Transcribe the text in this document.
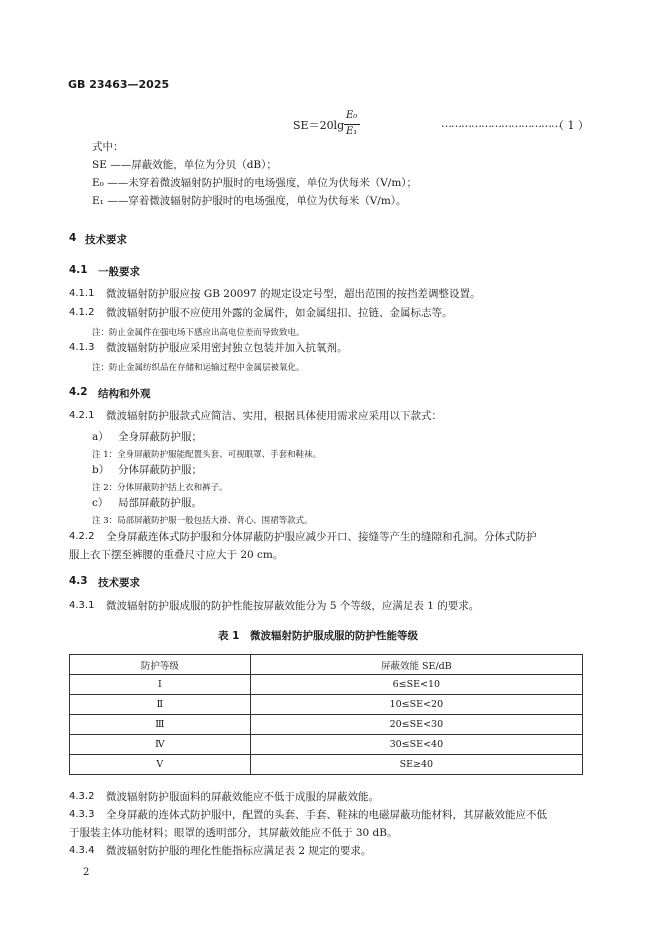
GB 23463—2025
SE＝20lg
E₀
E₁
………………………………
（ 1 ）
式中：
SE ——屏蔽效能，单位为分贝（dB）；
E₀ ——未穿着微波辐射防护服时的电场强度，单位为伏每米（V/m）；
E₁ ——穿着微波辐射防护服时的电场强度，单位为伏每米（V/m）。
4 技术要求
4.1 一般要求
4.1.1 微波辐射防护服应按 GB 20097 的规定设定号型，超出范围的按挡差调整设置。
4.1.2 微波辐射防护服不应使用外露的金属件，如金属纽扣、拉链、金属标志等。
注：防止金属件在强电场下感应出高电位差而导致致电。
4.1.3 微波辐射防护服应采用密封独立包装并加入抗氧剂。
注：防止金属纺织品在存储和运输过程中金属层被氧化。
4.2 结构和外观
4.2.1 微波辐射防护服款式应简洁、实用，根据具体使用需求应采用以下款式：
a） 全身屏蔽防护服；
注 1：全身屏蔽防护服能配置头套、可视眼罩、手套和鞋袜。
b） 分体屏蔽防护服；
注 2：分体屏蔽防护括上衣和裤子。
c） 局部屏蔽防护服。
注 3：局部屏蔽防护服一般包括大褂、背心、围裙等款式。
4.2.2 全身屏蔽连体式防护服和分体屏蔽防护服应减少开口、接缝等产生的缝隙和孔洞。分体式防护
服上衣下摆至裤腰的重叠尺寸应大于 20 cm。
4.3 技术要求
4.3.1 微波辐射防护服成服的防护性能按屏蔽效能分为 5 个等级，应满足表 1 的要求。
表 1　微波辐射防护服成服的防护性能等级
防护等级	屏蔽效能 SE/dB
Ⅰ	6≤SE<10
Ⅱ	10≤SE<20
Ⅲ	20≤SE<30
Ⅳ	30≤SE<40
Ⅴ	SE≥40
4.3.2 微波辐射防护服面料的屏蔽效能应不低于成服的屏蔽效能。
4.3.3 全身屏蔽的连体式防护服中，配置的头套、手套、鞋袜的电磁屏蔽功能材料，其屏蔽效能应不低
于服装主体功能材料；眼罩的透明部分，其屏蔽效能应不低于 30 dB。
4.3.4 微波辐射防护服的理化性能指标应满足表 2 规定的要求。
2
